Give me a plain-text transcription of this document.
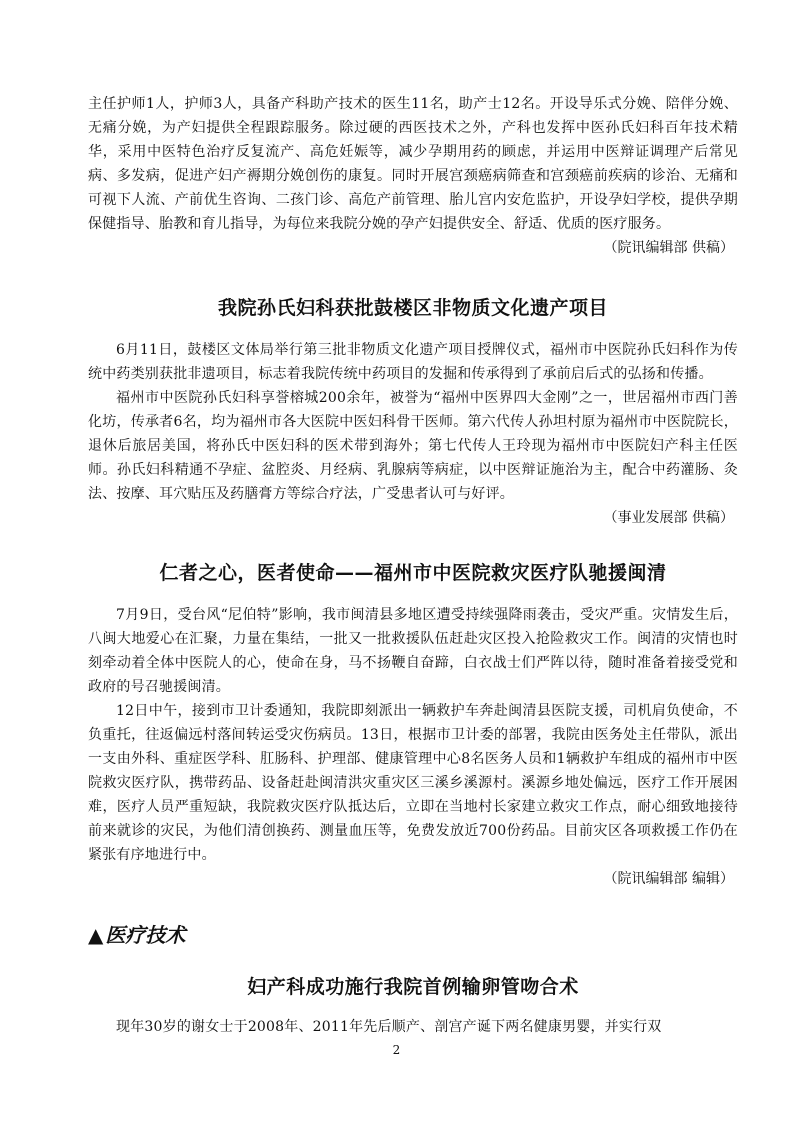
主任护师1人，护师3人，具备产科助产技术的医生11名，助产士12名。开设导乐式分娩、陪伴分娩、无痛分娩，为产妇提供全程跟踪服务。除过硬的西医技术之外，产科也发挥中医孙氏妇科百年技术精华，采用中医特色治疗反复流产、高危妊娠等，减少孕期用药的顾虑，并运用中医辩证调理产后常见病、多发病，促进产妇产褥期分娩创伤的康复。同时开展宫颈癌病筛查和宫颈癌前疾病的诊治、无痛和可视下人流、产前优生咨询、二孩门诊、高危产前管理、胎儿宫内安危监护，开设孕妇学校，提供孕期保健指导、胎教和育儿指导，为每位来我院分娩的孕产妇提供安全、舒适、优质的医疗服务。

（院讯编辑部 供稿）

我院孙氏妇科获批鼓楼区非物质文化遗产项目

6月11日，鼓楼区文体局举行第三批非物质文化遗产项目授牌仪式，福州市中医院孙氏妇科作为传统中药类别获批非遗项目，标志着我院传统中药项目的发掘和传承得到了承前启后式的弘扬和传播。

福州市中医院孙氏妇科享誉榕城200余年，被誉为“福州中医界四大金刚”之一，世居福州市西门善化坊，传承者6名，均为福州市各大医院中医妇科骨干医师。第六代传人孙坦村原为福州市中医院院长，退休后旅居美国，将孙氏中医妇科的医术带到海外；第七代传人王玲现为福州市中医院妇产科主任医师。孙氏妇科精通不孕症、盆腔炎、月经病、乳腺病等病症，以中医辩证施治为主，配合中药灌肠、灸法、按摩、耳穴贴压及药膳膏方等综合疗法，广受患者认可与好评。

（事业发展部 供稿）

仁者之心，医者使命——福州市中医院救灾医疗队驰援闽清

7月9日，受台风“尼伯特”影响，我市闽清县多地区遭受持续强降雨袭击，受灾严重。灾情发生后，八闽大地爱心在汇聚，力量在集结，一批又一批救援队伍赶赴灾区投入抢险救灾工作。闽清的灾情也时刻牵动着全体中医院人的心，使命在身，马不扬鞭自奋蹄，白衣战士们严阵以待，随时准备着接受党和政府的号召驰援闽清。

12日中午，接到市卫计委通知，我院即刻派出一辆救护车奔赴闽清县医院支援，司机肩负使命，不负重托，往返偏远村落间转运受灾伤病员。13日，根据市卫计委的部署，我院由医务处主任带队，派出一支由外科、重症医学科、肛肠科、护理部、健康管理中心8名医务人员和1辆救护车组成的福州市中医院救灾医疗队，携带药品、设备赶赴闽清洪灾重灾区三溪乡溪源村。溪源乡地处偏远，医疗工作开展困难，医疗人员严重短缺，我院救灾医疗队抵达后，立即在当地村长家建立救灾工作点，耐心细致地接待前来就诊的灾民，为他们清创换药、测量血压等，免费发放近700份药品。目前灾区各项救援工作仍在紧张有序地进行中。

（院讯编辑部 编辑）

▲ 医疗技术

妇产科成功施行我院首例输卵管吻合术

现年30岁的谢女士于2008年、2011年先后顺产、剖宫产诞下两名健康男婴，并实行双

2
